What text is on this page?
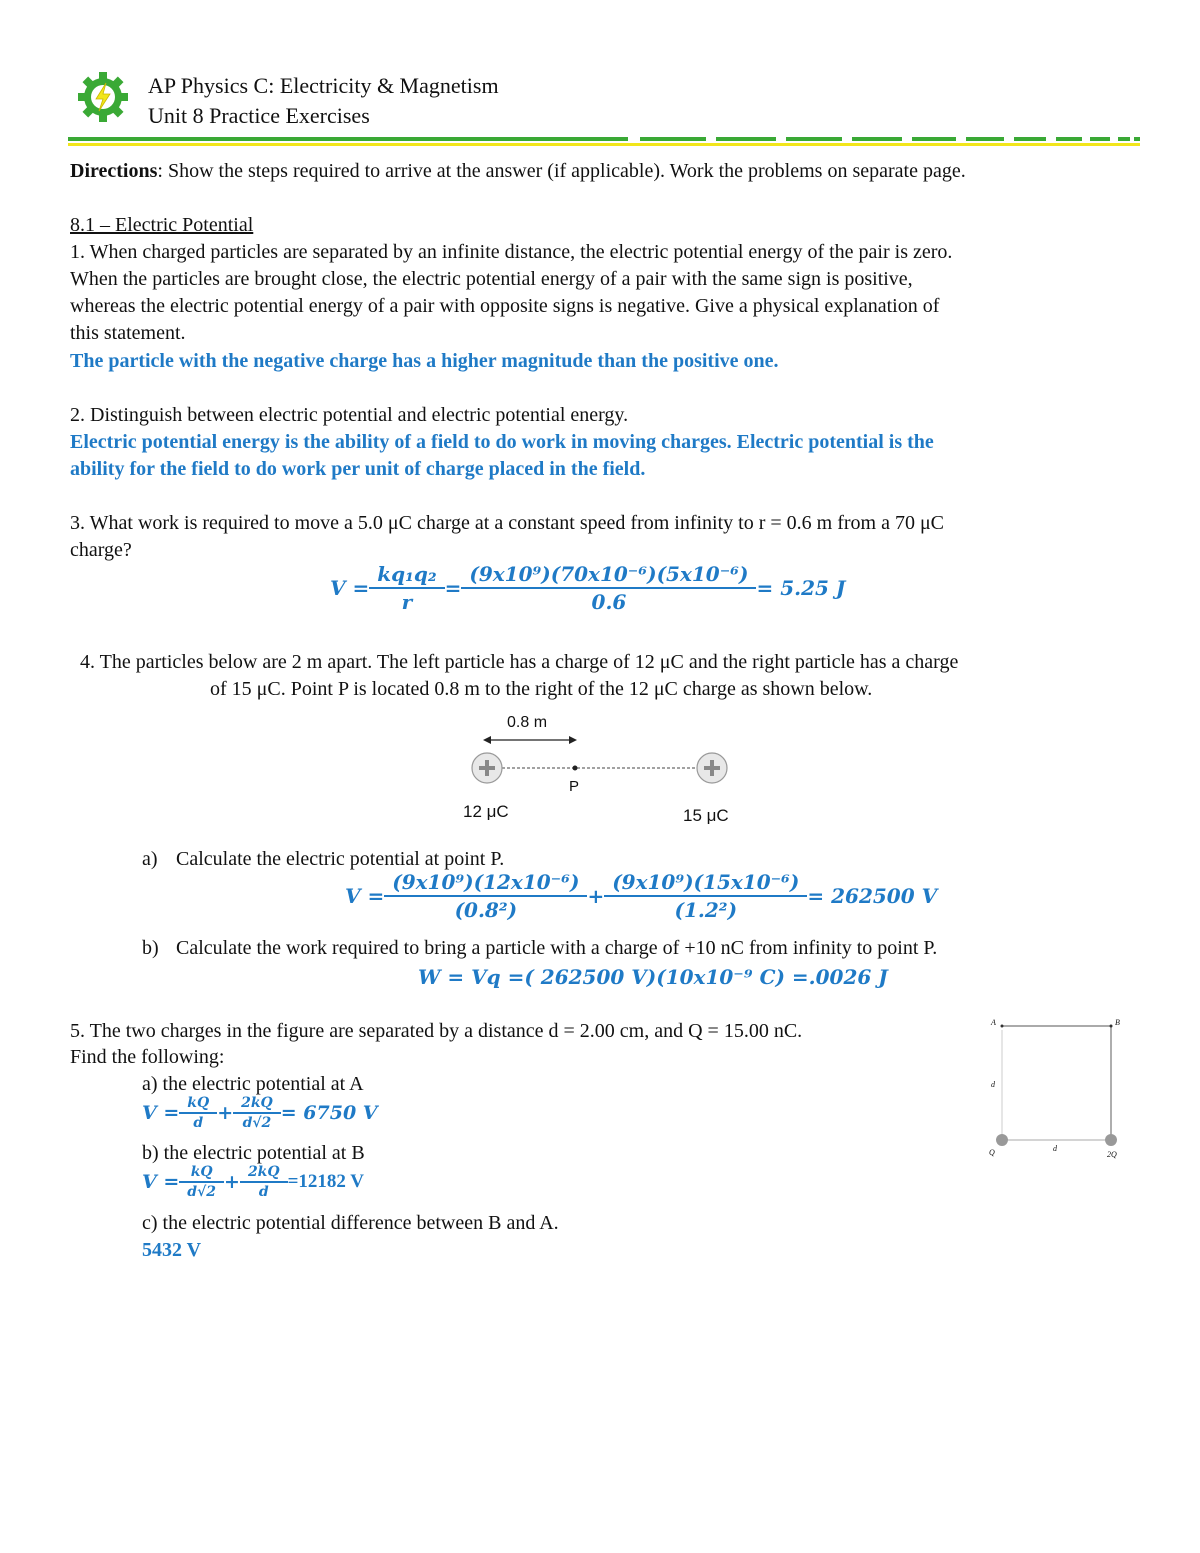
AP Physics C: Electricity & Magnetism
Unit 8 Practice Exercises
Directions: Show the steps required to arrive at the answer (if applicable). Work the problems on separate page.
8.1 – Electric Potential
1. When charged particles are separated by an infinite distance, the electric potential energy of the pair is zero.
When the particles are brought close, the electric potential energy of a pair with the same sign is positive,
whereas the electric potential energy of a pair with opposite signs is negative. Give a physical explanation of
this statement.
The particle with the negative charge has a higher magnitude than the positive one.
2. Distinguish between electric potential and electric potential energy.
Electric potential energy is the ability of a field to do work in moving charges. Electric potential is the
ability for the field to do work per unit of charge placed in the field.
3. What work is required to move a 5.0 μC charge at a constant speed from infinity to r = 0.6 m from a 70 μC
charge?
$V = \frac{\text{kq₁q₂}}{r} = \frac{\text{(9x10⁹)(70x10⁻⁶)(5x10⁻⁶)}}{0.6} = 5.25$ J
4. The particles below are 2 m apart. The left particle has a charge of 12 μC and the right particle has a charge
of 15 μC. Point P is located 0.8 m to the right of the 12 μC charge as shown below.
0.8 m
P
12 μC	15 μC
a) Calculate the electric potential at point P.
$V = \frac{\text{(9x10⁹)(12x10⁻⁶)}}{\text{(0.8²)}} + \frac{\text{(9x10⁹)(15x10⁻⁶)}}{\text{(1.2²)}} = 262500$ V
b) Calculate the work required to bring a particle with a charge of +10 nC from infinity to point P.
W = Vq =( 262500 V)(10x10⁻⁹ C) =.0026 J
5. The two charges in the figure are separated by a distance d = 2.00 cm, and Q = 15.00 nC.
Find the following:
a) the electric potential at A
$V = \frac{kQ}{d} + \frac{2kQ}{d√2} = 6750$ V
b) the electric potential at B
$V = \frac{kQ}{d√2} + \frac{2kQ}{d} =12182$ V
c) the electric potential difference between B and A.
5432 V
A	B
d
d
Q	2Q
